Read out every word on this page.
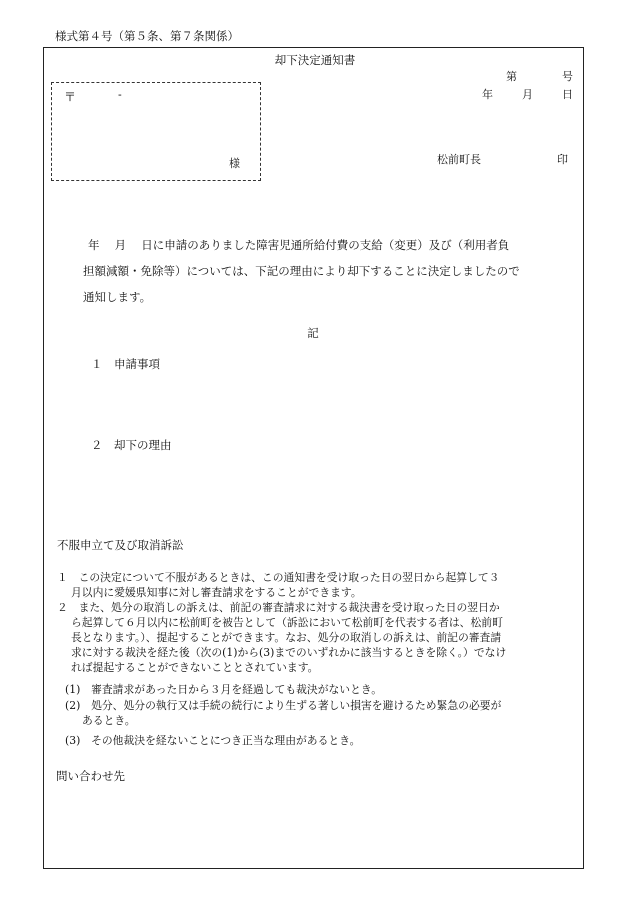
様式第４号（第５条、第７条関係）
却下決定通知書
第	号
年	月	日
〒	-
様	松前町長	印
年　 月　 日に申請のありました障害児通所給付費の支給（変更）及び（利用者負
担額減額・免除等）については、下記の理由により却下することに決定しましたので
通知します。
記
１　申請事項
２　却下の理由
不服申立て及び取消訴訟
１　この決定について不服があるときは、この通知書を受け取った日の翌日から起算して３
月以内に愛媛県知事に対し審査請求をすることができます。
２　また、処分の取消しの訴えは、前記の審査請求に対する裁決書を受け取った日の翌日か
ら起算して６月以内に松前町を被告として（訴訟において松前町を代表する者は、松前町
長となります。）、提起することができます。なお、処分の取消しの訴えは、前記の審査請
求に対する裁決を経た後（次の(1)から(3)までのいずれかに該当するときを除く。）でなけ
れば提起することができないこととされています。
(1)　審査請求があった日から３月を経過しても裁決がないとき。
(2)　処分、処分の執行又は手続の続行により生ずる著しい損害を避けるため緊急の必要が
あるとき。
(3)　その他裁決を経ないことにつき正当な理由があるとき。
問い合わせ先
